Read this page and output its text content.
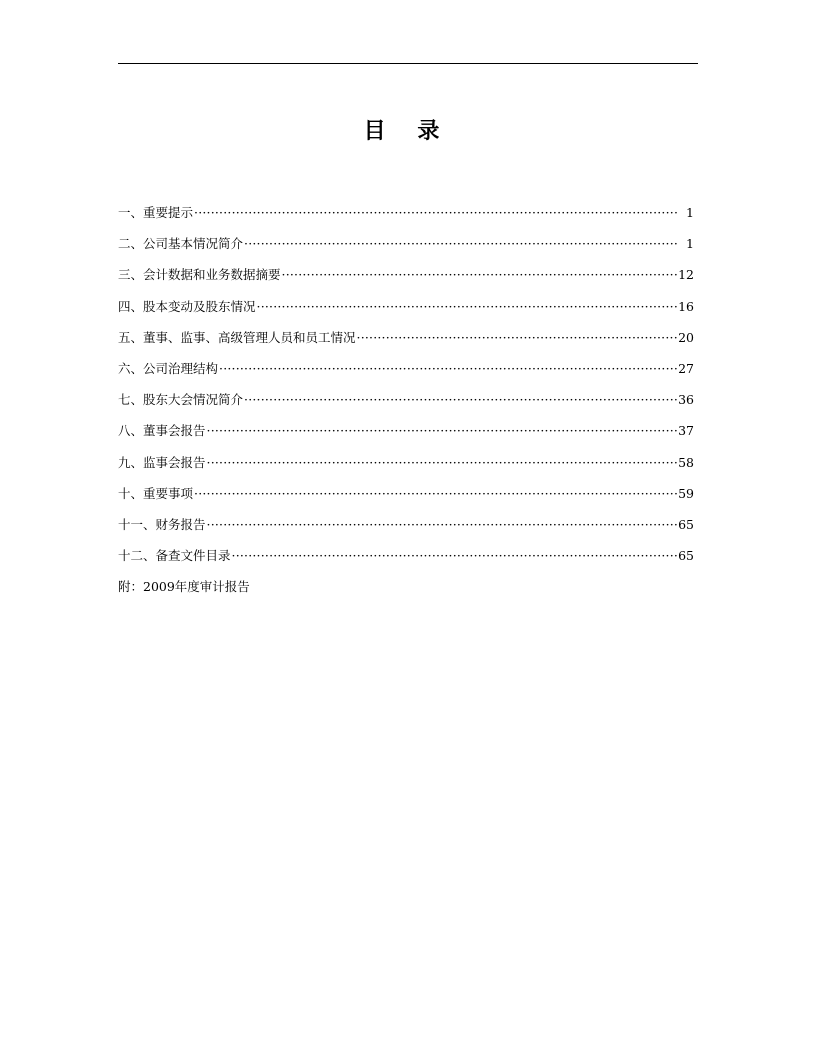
目 录
一、重要提示 ·····	1
二、公司基本情况简介 ·····	1
三、会计数据和业务数据摘要 ·····	12
四、股本变动及股东情况 ·····	16
五、董事、监事、高级管理人员和员工情况 ·····	20
六、公司治理结构 ·····	27
七、股东大会情况简介 ·····	36
八、董事会报告 ·····	37
九、监事会报告 ·····	58
十、重要事项 ·····	59
十一、财务报告 ·····	65
十二、备查文件目录 ·····	65
附：2009年度审计报告
